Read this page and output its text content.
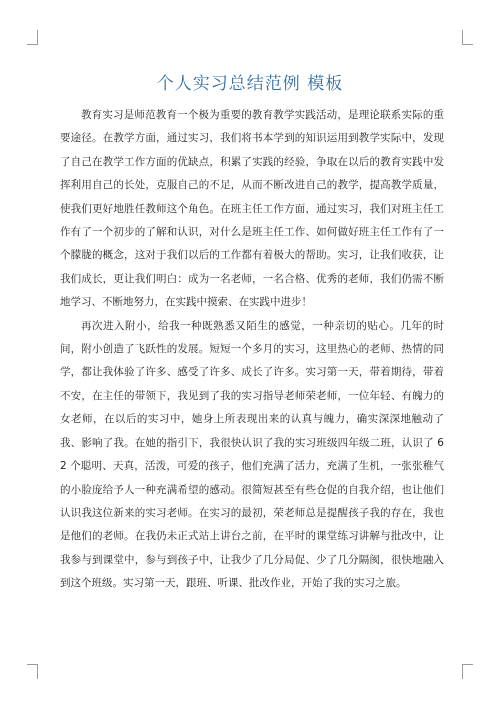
个人实习总结范例 模板

教育实习是师范教育一个极为重要的教育教学实践活动，是理论联系实际的重要途径。在教学方面，通过实习，我们将书本学到的知识运用到教学实际中，发现了自己在教学工作方面的优缺点，积累了实践的经验，争取在以后的教育实践中发挥利用自己的长处，克服自己的不足，从而不断改进自己的教学，提高教学质量，使我们更好地胜任教师这个角色。在班主任工作方面，通过实习，我们对班主任工作有了一个初步的了解和认识，对什么是班主任工作、如何做好班主任工作有了一个朦胧的概念，这对于我们以后的工作都有着极大的帮助。实习，让我们收获，让我们成长，更让我们明白：成为一名老师，一名合格、优秀的老师，我们仍需不断地学习、不断地努力，在实践中摸索、在实践中进步！

再次进入附小，给我一种既熟悉又陌生的感觉，一种亲切的贴心。几年的时间，附小创造了飞跃性的发展。短短一个多月的实习，这里热心的老师、热情的同学，都让我体验了许多、感受了许多、成长了许多。实习第一天，带着期待，带着不安，在主任的带领下，我见到了我的实习指导老师荣老师，一位年轻、有魄力的女老师，在以后的实习中，她身上所表现出来的认真与魄力，确实深深地触动了我、影响了我。在她的指引下，我很快认识了我的实习班级四年级二班，认识了 62 个聪明、天真，活泼，可爱的孩子，他们充满了活力，充满了生机，一张张稚气的小脸庞给予人一种充满希望的感动。很简短甚至有些仓促的自我介绍，也让他们认识我这位新来的实习老师。在实习的最初，荣老师总是提醒孩子我的存在，我也是他们的老师。在我仍未正式站上讲台之前，在平时的课堂练习讲解与批改中，让我参与到课堂中，参与到孩子中，让我少了几分局促、少了几分隔阂，很快地融入到这个班级。实习第一天，跟班、听课、批改作业，开始了我的实习之旅。
